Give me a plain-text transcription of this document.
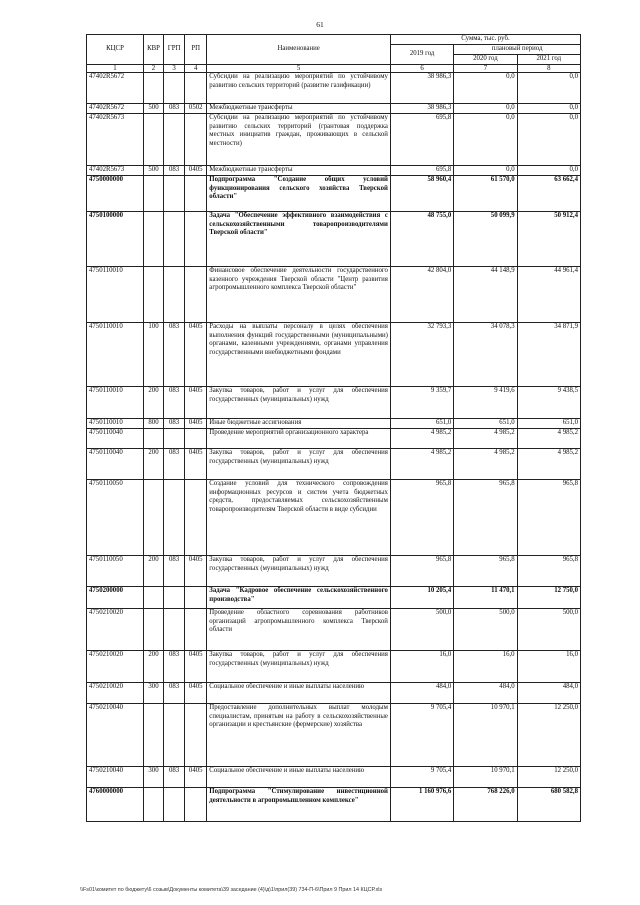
61
КЦСР	КВР	ГРП	РП	Наименование	Сумма, тыс. руб.		
					2019 год	плановый период	
						2020 год	2021 год
1	2	3	4	5	6	7	8
47402R5672				Субсидии на реализацию мероприятий по устойчивому развитию сельских территорий (развитие газификации)	38 986,3	0,0	0,0
47402R5672	500	083	0502	Межбюджетные трансферты	38 986,3	0,0	0,0
47402R5673				Субсидии на реализацию мероприятий по устойчивому развитию сельских территорий (грантовая поддержка местных инициатив граждан, проживающих в сельской местности)	695,8	0,0	0,0
47402R5673	500	083	0405	Межбюджетные трансферты	695,8	0,0	0,0
4750000000				Подпрограмма "Создание общих условий функционирования сельского хозяйства Тверской области"	58 960,4	61 570,0	63 662,4
4750100000				Задача "Обеспечение эффективного взаимодействия с сельскохозяйственными товаропроизводителями Тверской области"	48 755,0	50 099,9	50 912,4
4750110010				Финансовое обеспечение деятельности государственного казенного учреждения Тверской области "Центр развития агропромышленного комплекса Тверской области"	42 804,0	44 148,9	44 961,4
4750110010	100	083	0405	Расходы на выплаты персоналу в целях обеспечения выполнения функций государственными (муниципальными) органами, казенными учреждениями, органами управления государственными внебюджетными фондами	32 793,3	34 078,3	34 871,9
4750110010	200	083	0405	Закупка товаров, работ и услуг для обеспечения государственных (муниципальных) нужд	9 359,7	9 419,6	9 438,5
4750110010	800	083	0405	Иные бюджетные ассигнования	651,0	651,0	651,0
4750110040				Проведение мероприятий организационного характера	4 985,2	4 985,2	4 985,2
4750110040	200	083	0405	Закупка товаров, работ и услуг для обеспечения государственных (муниципальных) нужд	4 985,2	4 985,2	4 985,2
4750110050				Создание условий для технического сопровождения информационных ресурсов и систем учета бюджетных средств, предоставляемых сельскохозяйственным товаропроизводителям Тверской области в виде субсидии	965,8	965,8	965,8
4750110050	200	083	0405	Закупка товаров, работ и услуг для обеспечения государственных (муниципальных) нужд	965,8	965,8	965,8
4750200000				Задача "Кадровое обеспечение сельскохозяйственного производства"	10 205,4	11 470,1	12 750,0
4750210020				Проведение областного соревнования работников организаций агропромышленного комплекса Тверской области	500,0	500,0	500,0
4750210020	200	083	0405	Закупка товаров, работ и услуг для обеспечения государственных (муниципальных) нужд	16,0	16,0	16,0
4750210020	300	083	0405	Социальное обеспечение и иные выплаты населению	484,0	484,0	484,0
4750210040				Предоставление дополнительных выплат молодым специалистам, принятым на работу в сельскохозяйственные организации и крестьянские (фермерские) хозяйства	9 705,4	10 970,1	12 250,0
4750210040	300	083	0405	Социальное обеспечение и иные выплаты населению	9 705,4	10 970,1	12 250,0
4760000000				Подпрограмма "Стимулирование инвестиционной деятельности в агропромышленном комплексе"	1 160 976,6	768 226,0	680 582,8
\\Fs01\комитет по бюджету\6 созыв\Документы комитета\39 заседание (4)\д\1\прил(39) 734-П-6\Прил 9 Прил 14 КЦСР.xls
